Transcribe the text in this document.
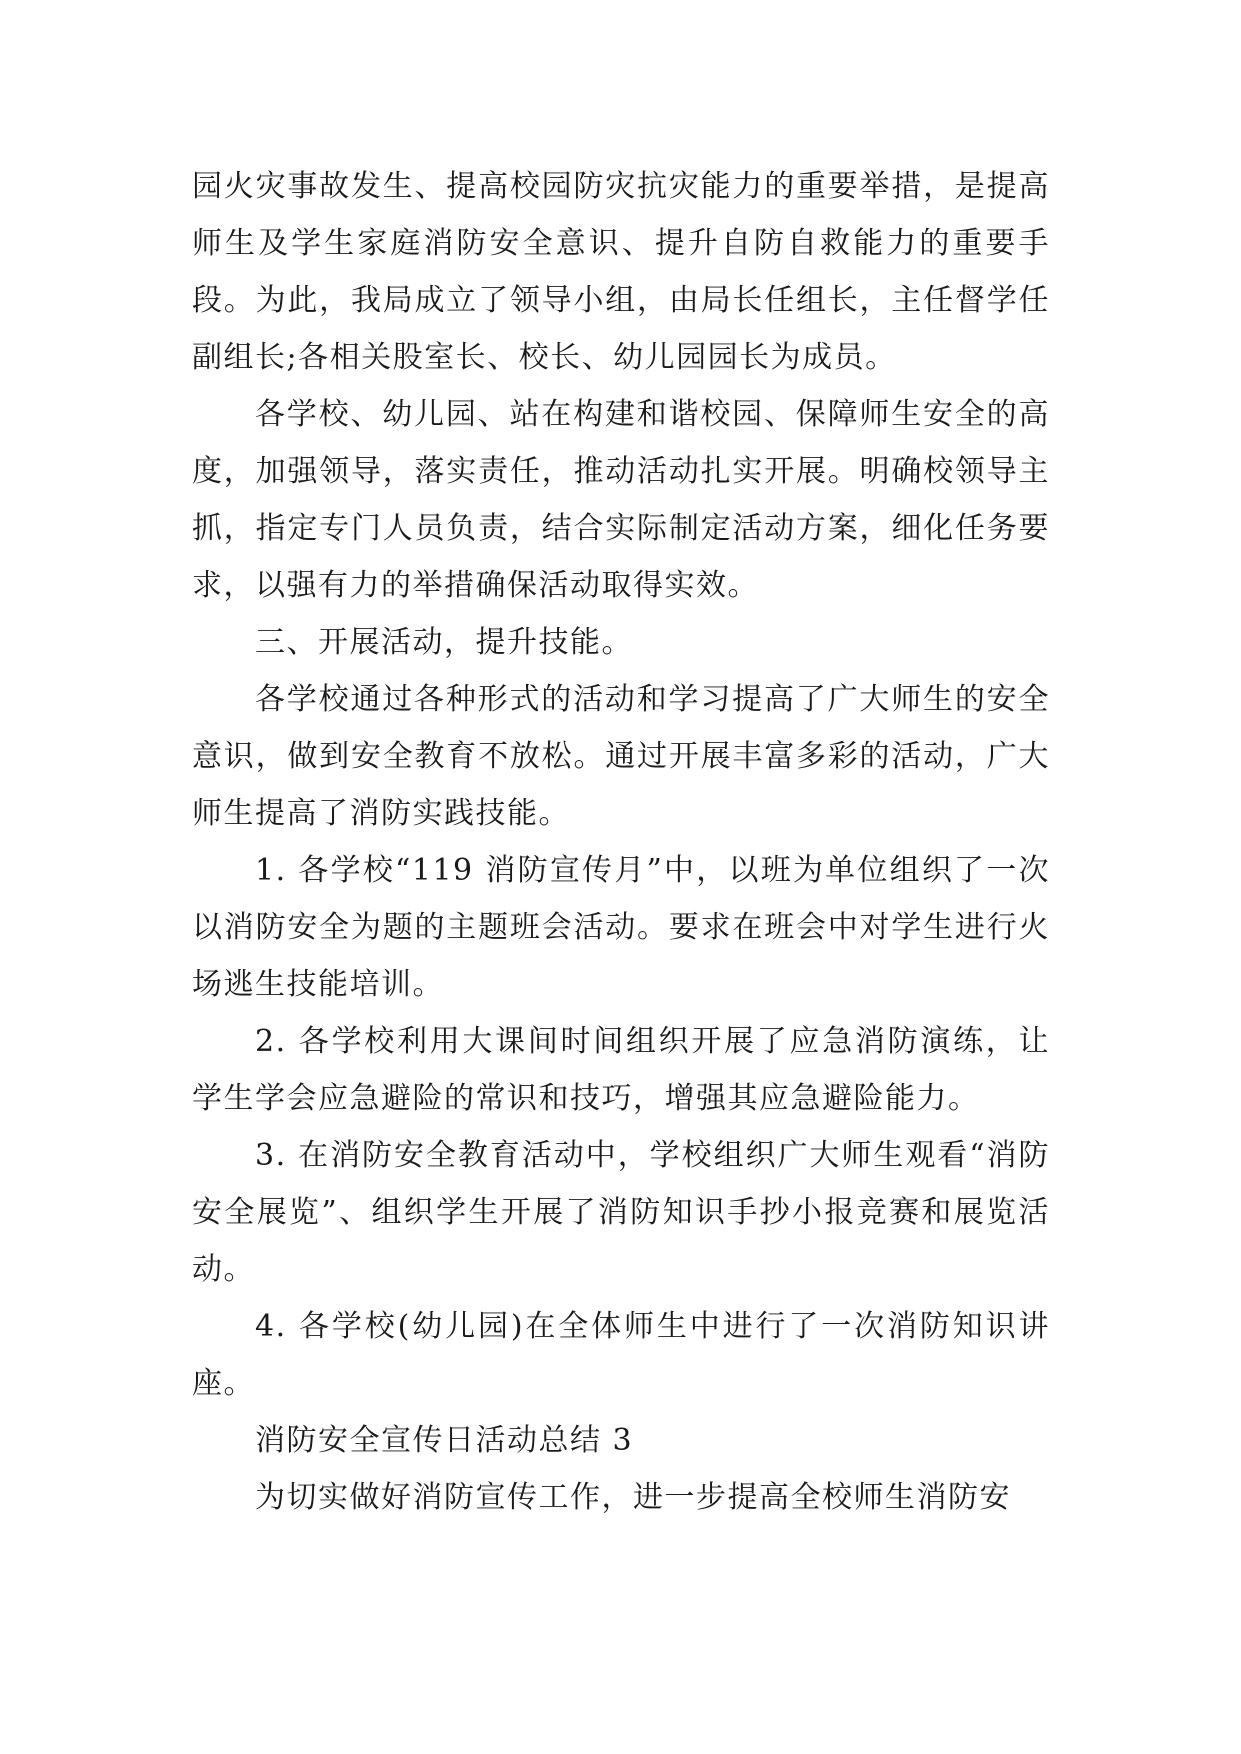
园火灾事故发生、提高校园防灾抗灾能力的重要举措，是提高师生及学生家庭消防安全意识、提升自防自救能力的重要手段。为此，我局成立了领导小组，由局长任组长，主任督学任副组长;各相关股室长、校长、幼儿园园长为成员。

各学校、幼儿园、站在构建和谐校园、保障师生安全的高度，加强领导，落实责任，推动活动扎实开展。明确校领导主抓，指定专门人员负责，结合实际制定活动方案，细化任务要求，以强有力的举措确保活动取得实效。

三、开展活动，提升技能。

各学校通过各种形式的活动和学习提高了广大师生的安全意识，做到安全教育不放松。通过开展丰富多彩的活动，广大师生提高了消防实践技能。

1. 各学校“119 消防宣传月”中，以班为单位组织了一次以消防安全为题的主题班会活动。要求在班会中对学生进行火场逃生技能培训。

2. 各学校利用大课间时间组织开展了应急消防演练，让学生学会应急避险的常识和技巧，增强其应急避险能力。

3. 在消防安全教育活动中，学校组织广大师生观看“消防安全展览”、组织学生开展了消防知识手抄小报竞赛和展览活动。

4. 各学校(幼儿园)在全体师生中进行了一次消防知识讲座。

消防安全宣传日活动总结 3

为切实做好消防宣传工作，进一步提高全校师生消防安
